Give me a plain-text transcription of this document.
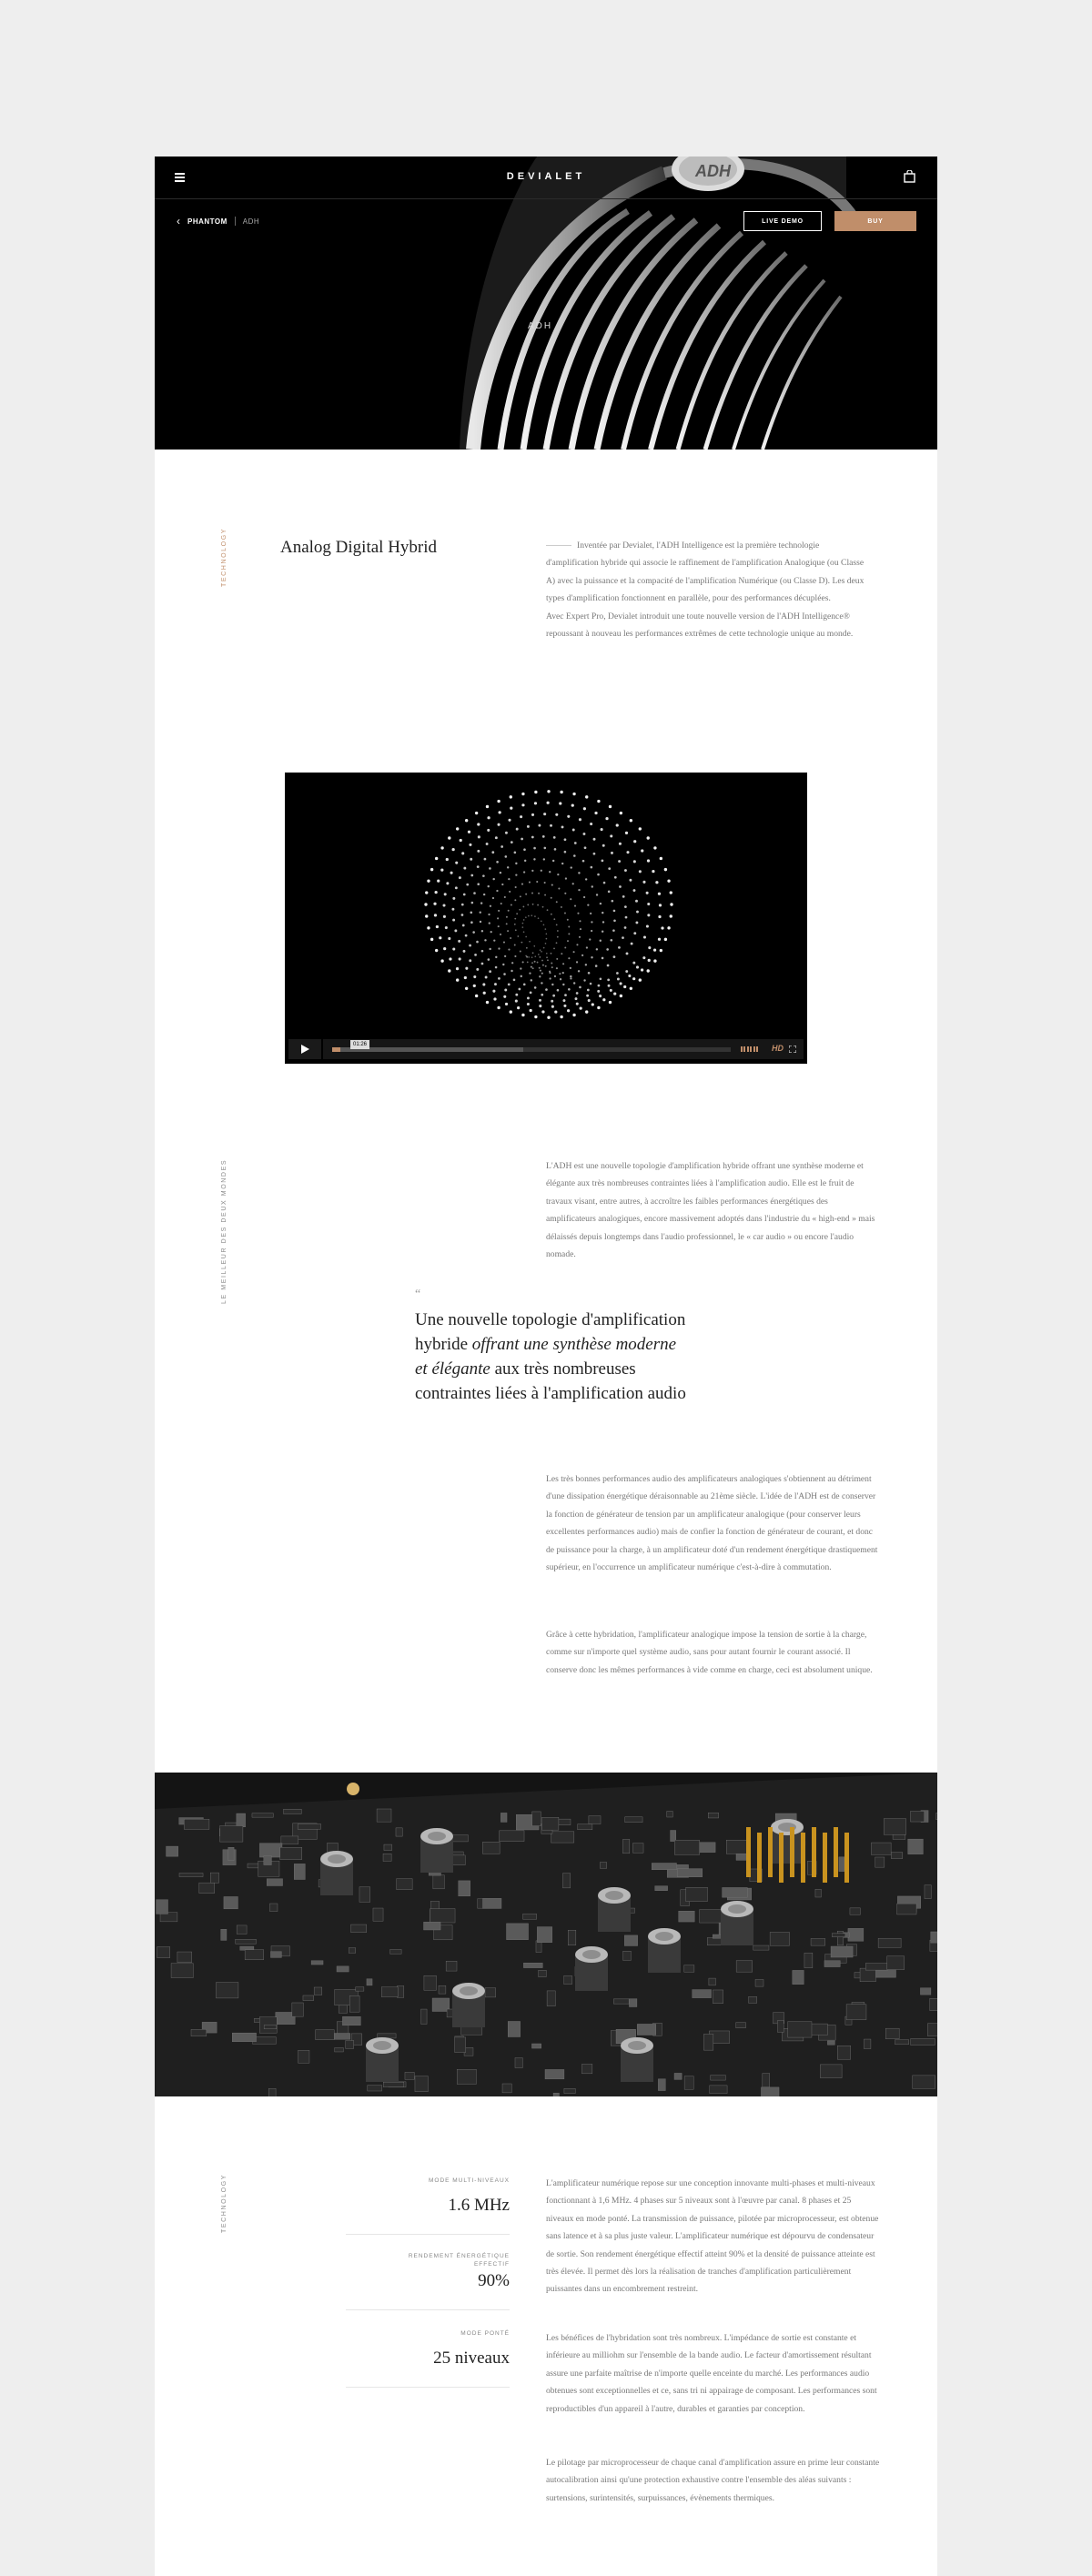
ADH
DEVIALET
‹ PHANTOM ADH	LIVE DEMO	BUY
ADH
TECHNOLOGY	Analog Digital Hybrid	Inventée par Devialet, l'ADH Intelligence est la première technologie d'amplification hybride qui associe le raffinement de l'amplification Analogique (ou Classe A) avec la puissance et la compacité de l'amplification Numérique (ou Classe D). Les deux types d'amplification fonctionnent en parallèle, pour des performances décuplées.

Avec Expert Pro, Devialet introduit une toute nouvelle version de l'ADH Intelligence® repoussant à nouveau les performances extrêmes de cette technologie unique au monde.

01:26	HD
LE MEILLEUR DES DEUX MONDES	L'ADH est une nouvelle topologie d'amplification hybride offrant une synthèse moderne et élégante aux très nombreuses contraintes liées à l'amplification audio. Elle est le fruit de travaux visant, entre autres, à accroître les faibles performances énergétiques des amplificateurs analogiques, encore massivement adoptés dans l'industrie du « high-end » mais délaissés depuis longtemps dans l'audio professionnel, le « car audio » ou encore l'audio nomade.
“
Une nouvelle topologie d'amplification hybride offrant une synthèse moderne et élégante aux très nombreuses contraintes liées à l'amplification audio
Les très bonnes performances audio des amplificateurs analogiques s'obtiennent au détriment d'une dissipation énergétique déraisonnable au 21ème siècle. L'idée de l'ADH est de conserver la fonction de générateur de tension par un amplificateur analogique (pour conserver leurs excellentes performances audio) mais de confier la fonction de générateur de courant, et donc de puissance pour la charge, à un amplificateur doté d'un rendement énergétique drastiquement supérieur, en l'occurrence un amplificateur numérique c'est-à-dire à commutation.
Grâce à cette hybridation, l'amplificateur analogique impose la tension de sortie à la charge, comme sur n'importe quel système audio, sans pour autant fournir le courant associé. Il conserve donc les mêmes performances à vide comme en charge, ceci est absolument unique.
TECHNOLOGY	MODE MULTI-NIVEAUX
1.6 MHz
RENDEMENT ÉNERGÉTIQUE EFFECTIF
90%
MODE PONTÉ
25 niveaux
L'amplificateur numérique repose sur une conception innovante multi-phases et multi-niveaux fonctionnant à 1,6 MHz. 4 phases sur 5 niveaux sont à l'œuvre par canal. 8 phases et 25 niveaux en mode ponté. La transmission de puissance, pilotée par microprocesseur, est obtenue sans latence et à sa plus juste valeur. L'amplificateur numérique est dépourvu de condensateur de sortie. Son rendement énergétique effectif atteint 90% et la densité de puissance atteinte est très élevée. Il permet dès lors la réalisation de tranches d'amplification particulièrement puissantes dans un encombrement restreint.
Les bénéfices de l'hybridation sont très nombreux. L'impédance de sortie est constante et inférieure au milliohm sur l'ensemble de la bande audio. Le facteur d'amortissement résultant assure une parfaite maîtrise de n'importe quelle enceinte du marché. Les performances audio obtenues sont exceptionnelles et ce, sans tri ni appairage de composant. Les performances sont reproductibles d'un appareil à l'autre, durables et garanties par conception.
Le pilotage par microprocesseur de chaque canal d'amplification assure en prime leur constante autocalibration ainsi qu'une protection exhaustive contre l'ensemble des aléas suivants : surtensions, surintensités, surpuissances, évènements thermiques.
